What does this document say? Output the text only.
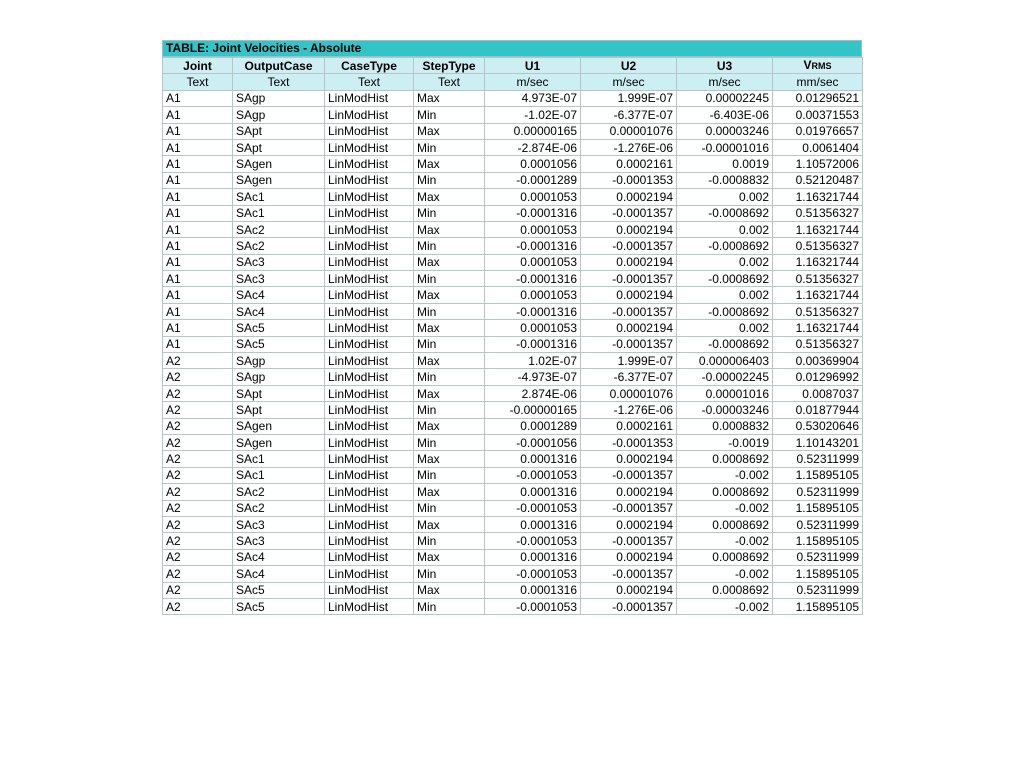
TABLE: Joint Velocities - Absolute
Joint	OutputCase	CaseType	StepType	U1	U2	U3	VRMS
Text	Text	Text	Text	m/sec	m/sec	m/sec	mm/sec
A1	SAgp	LinModHist	Max	4.973E-07	1.999E-07	0.00002245	0.01296521
A1	SAgp	LinModHist	Min	-1.02E-07	-6.377E-07	-6.403E-06	0.00371553
A1	SApt	LinModHist	Max	0.00000165	0.00001076	0.00003246	0.01976657
A1	SApt	LinModHist	Min	-2.874E-06	-1.276E-06	-0.00001016	0.0061404
A1	SAgen	LinModHist	Max	0.0001056	0.0002161	0.0019	1.10572006
A1	SAgen	LinModHist	Min	-0.0001289	-0.0001353	-0.0008832	0.52120487
A1	SAc1	LinModHist	Max	0.0001053	0.0002194	0.002	1.16321744
A1	SAc1	LinModHist	Min	-0.0001316	-0.0001357	-0.0008692	0.51356327
A1	SAc2	LinModHist	Max	0.0001053	0.0002194	0.002	1.16321744
A1	SAc2	LinModHist	Min	-0.0001316	-0.0001357	-0.0008692	0.51356327
A1	SAc3	LinModHist	Max	0.0001053	0.0002194	0.002	1.16321744
A1	SAc3	LinModHist	Min	-0.0001316	-0.0001357	-0.0008692	0.51356327
A1	SAc4	LinModHist	Max	0.0001053	0.0002194	0.002	1.16321744
A1	SAc4	LinModHist	Min	-0.0001316	-0.0001357	-0.0008692	0.51356327
A1	SAc5	LinModHist	Max	0.0001053	0.0002194	0.002	1.16321744
A1	SAc5	LinModHist	Min	-0.0001316	-0.0001357	-0.0008692	0.51356327
A2	SAgp	LinModHist	Max	1.02E-07	1.999E-07	0.000006403	0.00369904
A2	SAgp	LinModHist	Min	-4.973E-07	-6.377E-07	-0.00002245	0.01296992
A2	SApt	LinModHist	Max	2.874E-06	0.00001076	0.00001016	0.0087037
A2	SApt	LinModHist	Min	-0.00000165	-1.276E-06	-0.00003246	0.01877944
A2	SAgen	LinModHist	Max	0.0001289	0.0002161	0.0008832	0.53020646
A2	SAgen	LinModHist	Min	-0.0001056	-0.0001353	-0.0019	1.10143201
A2	SAc1	LinModHist	Max	0.0001316	0.0002194	0.0008692	0.52311999
A2	SAc1	LinModHist	Min	-0.0001053	-0.0001357	-0.002	1.15895105
A2	SAc2	LinModHist	Max	0.0001316	0.0002194	0.0008692	0.52311999
A2	SAc2	LinModHist	Min	-0.0001053	-0.0001357	-0.002	1.15895105
A2	SAc3	LinModHist	Max	0.0001316	0.0002194	0.0008692	0.52311999
A2	SAc3	LinModHist	Min	-0.0001053	-0.0001357	-0.002	1.15895105
A2	SAc4	LinModHist	Max	0.0001316	0.0002194	0.0008692	0.52311999
A2	SAc4	LinModHist	Min	-0.0001053	-0.0001357	-0.002	1.15895105
A2	SAc5	LinModHist	Max	0.0001316	0.0002194	0.0008692	0.52311999
A2	SAc5	LinModHist	Min	-0.0001053	-0.0001357	-0.002	1.15895105
